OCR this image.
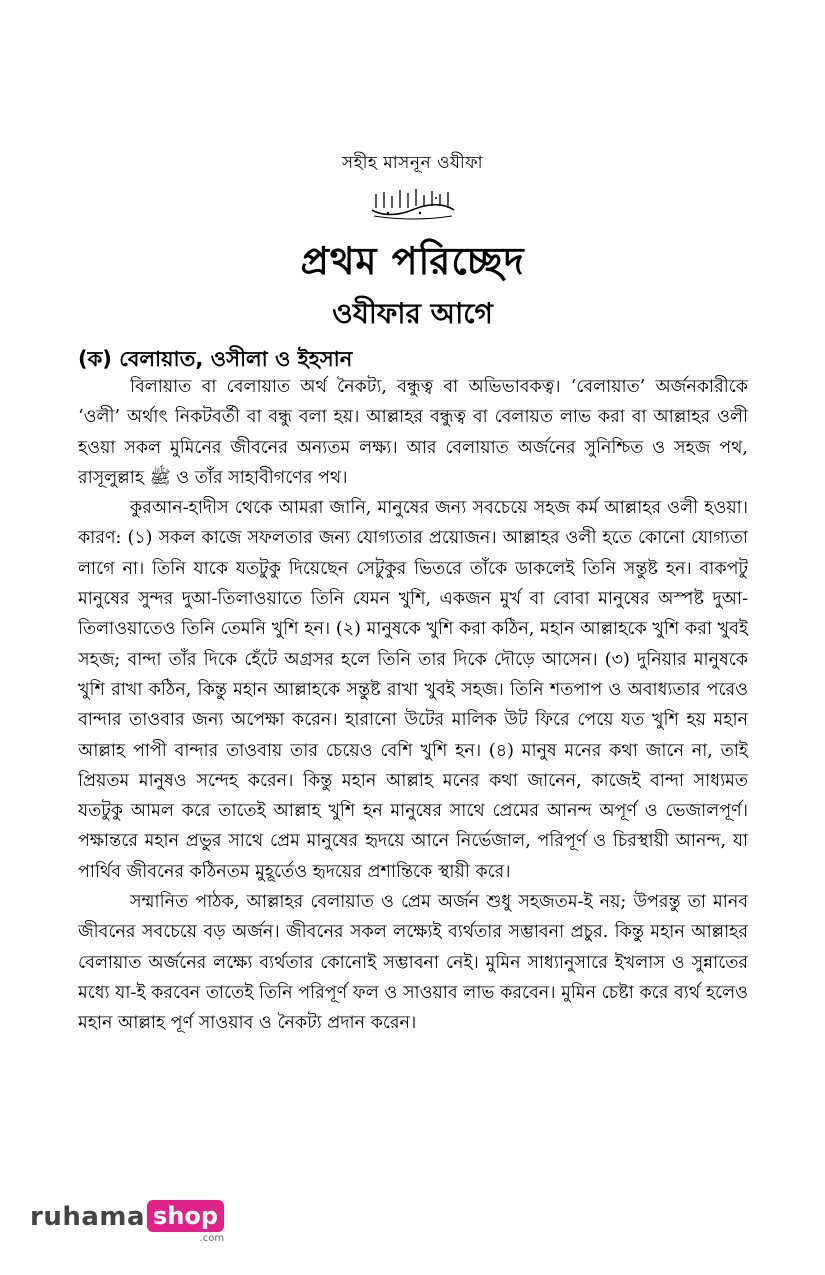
সহীহ মাসনূন ওযীফা
প্রথম পরিচ্ছেদ
ওযীফার আগে
(ক) বেলায়াত, ওসীলা ও ইহসান

বিলায়াত বা বেলায়াত অর্থ নৈকট্য, বন্ধুত্ব বা অভিভাবকত্ব। ‘বেলায়াত’ অর্জনকারীকে ‘ওলী’ অর্থাৎ নিকটবর্তী বা বন্ধু বলা হয়। আল্লাহর বন্ধুত্ব বা বেলায়ত লাভ করা বা আল্লাহর ওলী হওয়া সকল মুমিনের জীবনের অন্যতম লক্ষ্য। আর বেলায়াত অর্জনের সুনিশ্চিত ও সহজ পথ, রাসূলুল্লাহ ﷺ ও তাঁর সাহাবীগণের পথ।

কুরআন-হাদীস থেকে আমরা জানি, মানুষের জন্য সবচেয়ে সহজ কর্ম আল্লাহর ওলী হওয়া। কারণ: (১) সকল কাজে সফলতার জন্য যোগ্যতার প্রয়োজন। আল্লাহর ওলী হতে কোনো যোগ্যতা লাগে না। তিনি যাকে যতটুকু দিয়েছেন সেটুকুর ভিতরে তাঁকে ডাকলেই তিনি সন্তুষ্ট হন। বাকপটু মানুষের সুন্দর দুআ-তিলাওয়াতে তিনি যেমন খুশি, একজন মুর্খ বা বোবা মানুষের অস্পষ্ট দুআ-তিলাওয়াতেও তিনি তেমনি খুশি হন। (২) মানুষকে খুশি করা কঠিন, মহান আল্লাহকে খুশি করা খুবই সহজ; বান্দা তাঁর দিকে হেঁটে অগ্রসর হলে তিনি তার দিকে দৌড়ে আসেন। (৩) দুনিয়ার মানুষকে খুশি রাখা কঠিন, কিন্তু মহান আল্লাহকে সন্তুষ্ট রাখা খুবই সহজ। তিনি শতপাপ ও অবাধ্যতার পরেও বান্দার তাওবার জন্য অপেক্ষা করেন। হারানো উটের মালিক উট ফিরে পেয়ে যত খুশি হয় মহান আল্লাহ পাপী বান্দার তাওবায় তার চেয়েও বেশি খুশি হন। (৪) মানুষ মনের কথা জানে না, তাই প্রিয়তম মানুষও সন্দেহ করেন। কিন্তু মহান আল্লাহ মনের কথা জানেন, কাজেই বান্দা সাধ্যমত যতটুকু আমল করে তাতেই আল্লাহ খুশি হন মানুষের সাথে প্রেমের আনন্দ অপূর্ণ ও ভেজালপূর্ণ। পক্ষান্তরে মহান প্রভুর সাথে প্রেম মানুষের হৃদয়ে আনে নির্ভেজাল, পরিপূর্ণ ও চিরস্থায়ী আনন্দ, যা পার্থিব জীবনের কঠিনতম মুহূর্তেও হৃদয়ের প্রশান্তিকে স্থায়ী করে।

সম্মানিত পাঠক, আল্লাহর বেলায়াত ও প্রেম অর্জন শুধু সহজতম-ই নয়; উপরন্তু তা মানব জীবনের সবচেয়ে বড় অর্জন। জীবনের সকল লক্ষ্যেই ব্যর্থতার সম্ভাবনা প্রচুর. কিন্তু মহান আল্লাহর বেলায়াত অর্জনের লক্ষ্যে ব্যর্থতার কোনোই সম্ভাবনা নেই। মুমিন সাধ্যানুসারে ইখলাস ও সুন্নাতের মধ্যে যা-ই করবেন তাতেই তিনি পরিপূর্ণ ফল ও সাওয়াব লাভ করবেন। মুমিন চেষ্টা করে ব্যর্থ হলেও মহান আল্লাহ পূর্ণ সাওয়াব ও নৈকট্য প্রদান করেন।

ruhama shop
.com
